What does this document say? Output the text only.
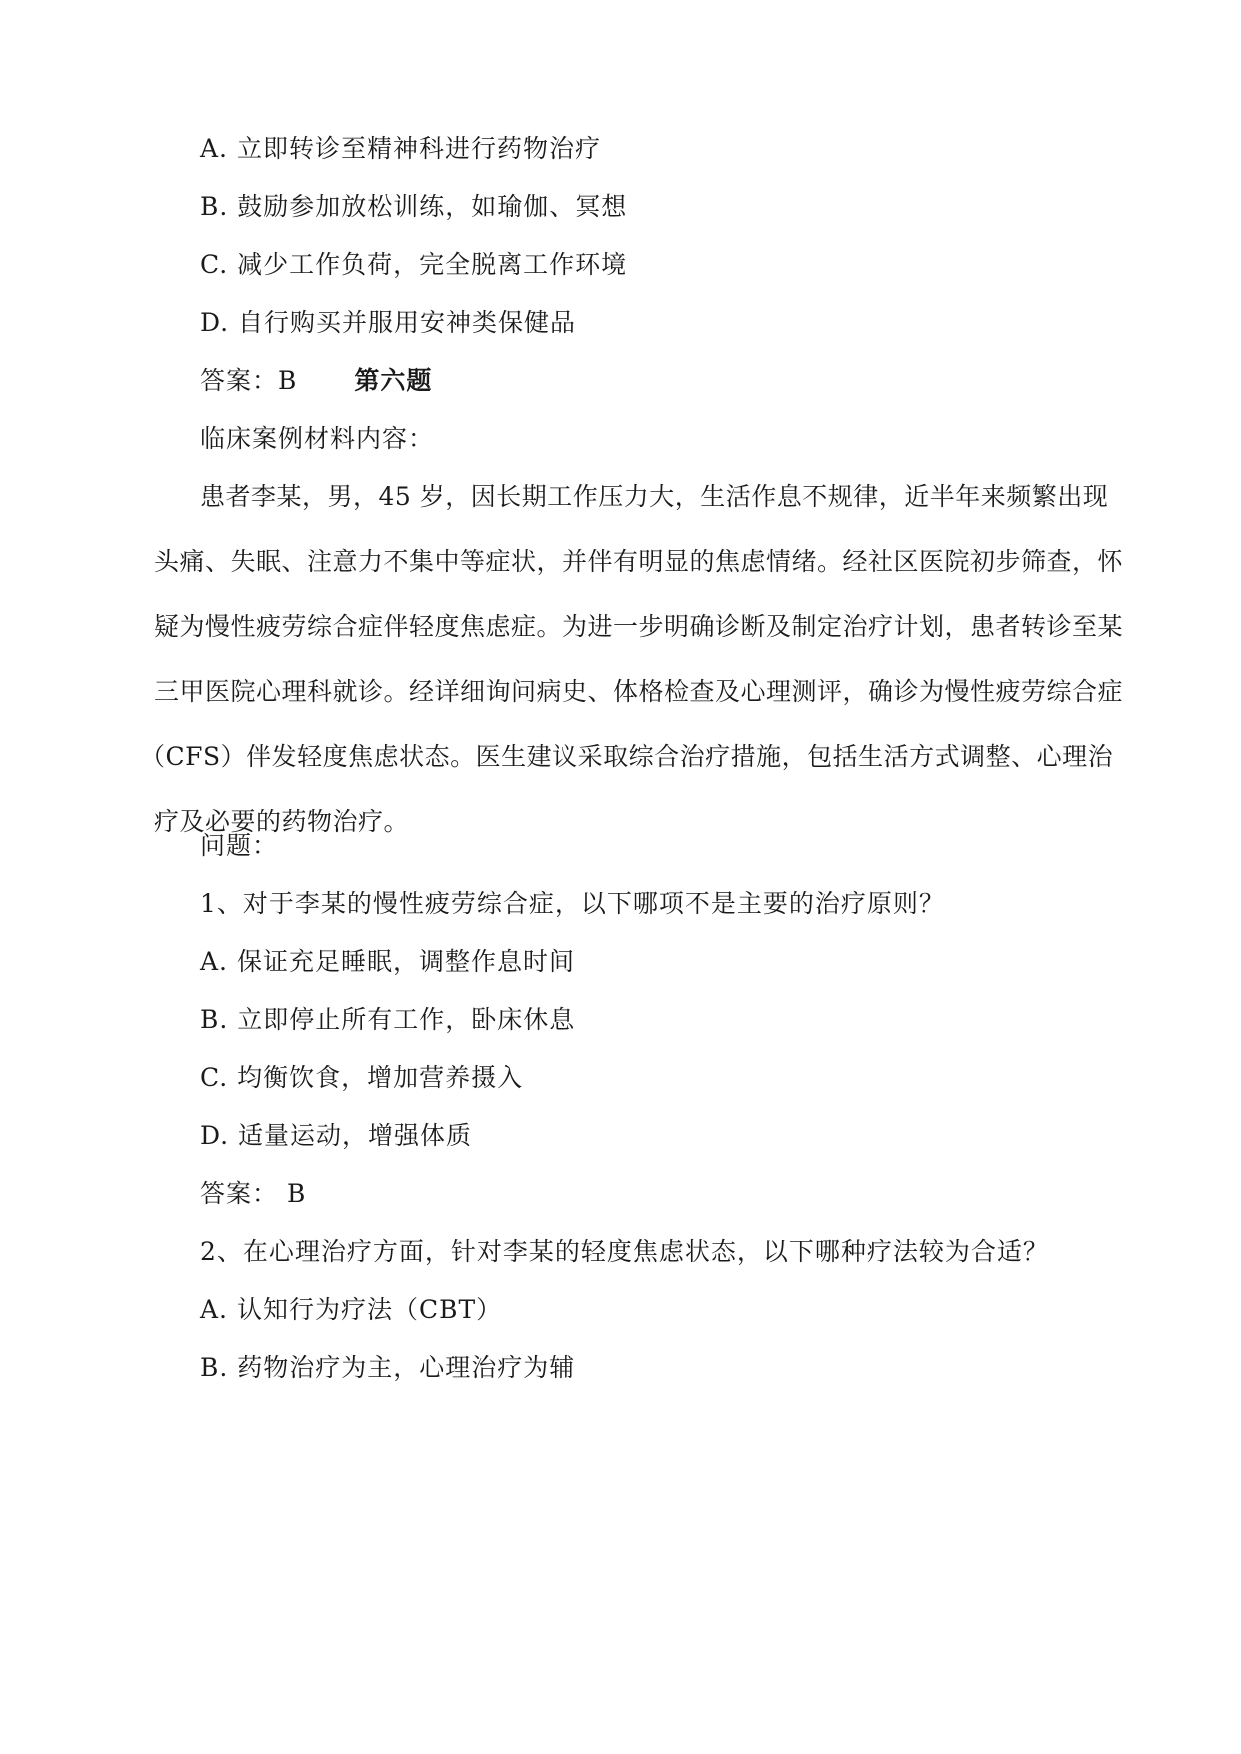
A. 立即转诊至精神科进行药物治疗
B. 鼓励参加放松训练，如瑜伽、冥想
C. 减少工作负荷，完全脱离工作环境
D. 自行购买并服用安神类保健品
答案：B 第六题
临床案例材料内容：
患者李某，男，45 岁，因长期工作压力大，生活作息不规律，近半年来频繁出现
头痛、失眠、注意力不集中等症状，并伴有明显的焦虑情绪。经社区医院初步筛查，怀
疑为慢性疲劳综合症伴轻度焦虑症。为进一步明确诊断及制定治疗计划，患者转诊至某
三甲医院心理科就诊。经详细询问病史、体格检查及心理测评，确诊为慢性疲劳综合症
（CFS）伴发轻度焦虑状态。医生建议采取综合治疗措施，包括生活方式调整、心理治
疗及必要的药物治疗。
问题：
1、对于李某的慢性疲劳综合症，以下哪项不是主要的治疗原则？
A. 保证充足睡眠，调整作息时间
B. 立即停止所有工作，卧床休息
C. 均衡饮食，增加营养摄入
D. 适量运动，增强体质
答案： B
2、在心理治疗方面，针对李某的轻度焦虑状态，以下哪种疗法较为合适？
A. 认知行为疗法（CBT）
B. 药物治疗为主，心理治疗为辅
